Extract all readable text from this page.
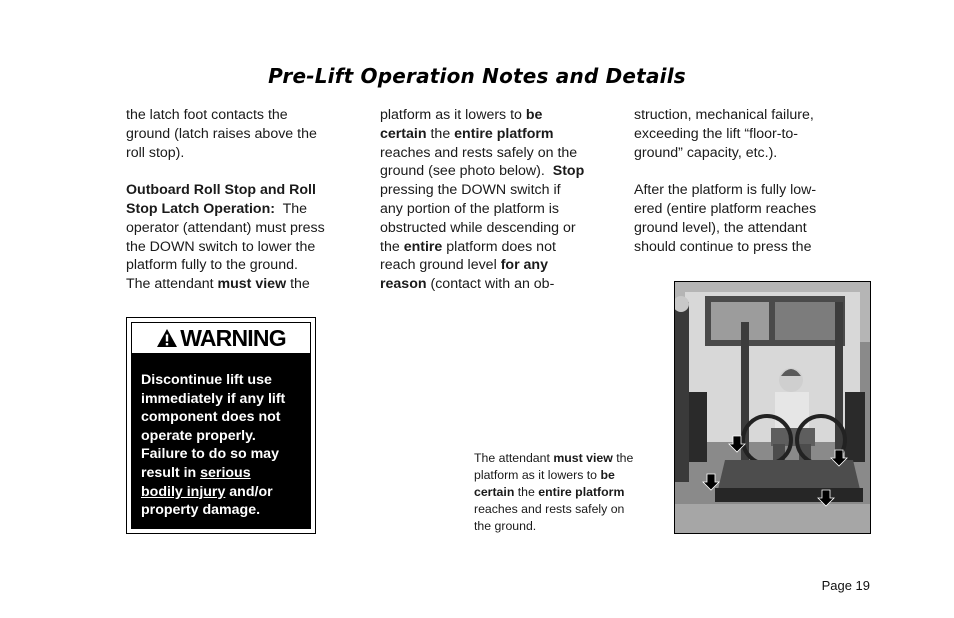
Pre-Lift Operation Notes and Details

the latch foot contacts the
ground (latch raises above the
roll stop).

Outboard Roll Stop and Roll
Stop Latch Operation: The
operator (attendant) must press
the DOWN switch to lower the
platform fully to the ground.
The attendant must view the

platform as it lowers to be
certain the entire platform
reaches and rests safely on the
ground (see photo below). Stop
pressing the DOWN switch if
any portion of the platform is
obstructed while descending or
the entire platform does not
reach ground level for any
reason (contact with an ob-

struction, mechanical failure,
exceeding the lift “floor-to-
ground” capacity, etc.).

After the platform is fully low-
ered (entire platform reaches
ground level), the attendant
should continue to press the

WARNING
Discontinue lift use
immediately if any lift
component does not
operate properly.
Failure to do so may
result in serious
bodily injury and/or
property damage.
The attendant must view the
platform as it lowers to be
certain the entire platform
reaches and rests safely on
the ground.
Page 19
